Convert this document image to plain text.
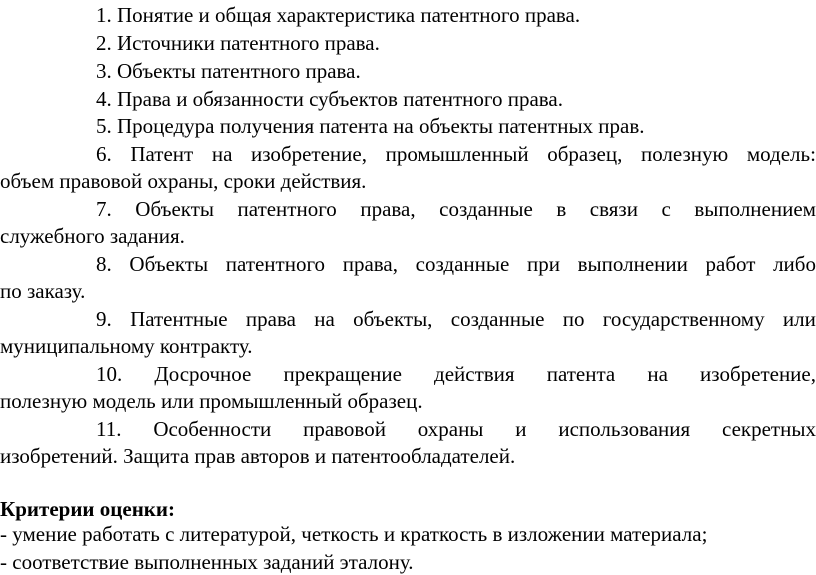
1. Понятие и общая характеристика патентного права.
2. Источники патентного права.
3. Объекты патентного права.
4. Права и обязанности субъектов патентного права.
5. Процедура получения патента на объекты патентных прав.
6. Патент на изобретение, промышленный образец, полезную модель:
объем правовой охраны, сроки действия.
7. Объекты патентного права, созданные в связи с выполнением
служебного задания.
8. Объекты патентного права, созданные при выполнении работ либо
по заказу.
9. Патентные права на объекты, созданные по государственному или
муниципальному контракту.
10. Досрочное прекращение действия патента на изобретение,
полезную модель или промышленный образец.
11. Особенности правовой охраны и использования секретных
изобретений. Защита прав авторов и патентообладателей.
Критерии оценки:
- умение работать с литературой, четкость и краткость в изложении материала;
- соответствие выполненных заданий эталону.
